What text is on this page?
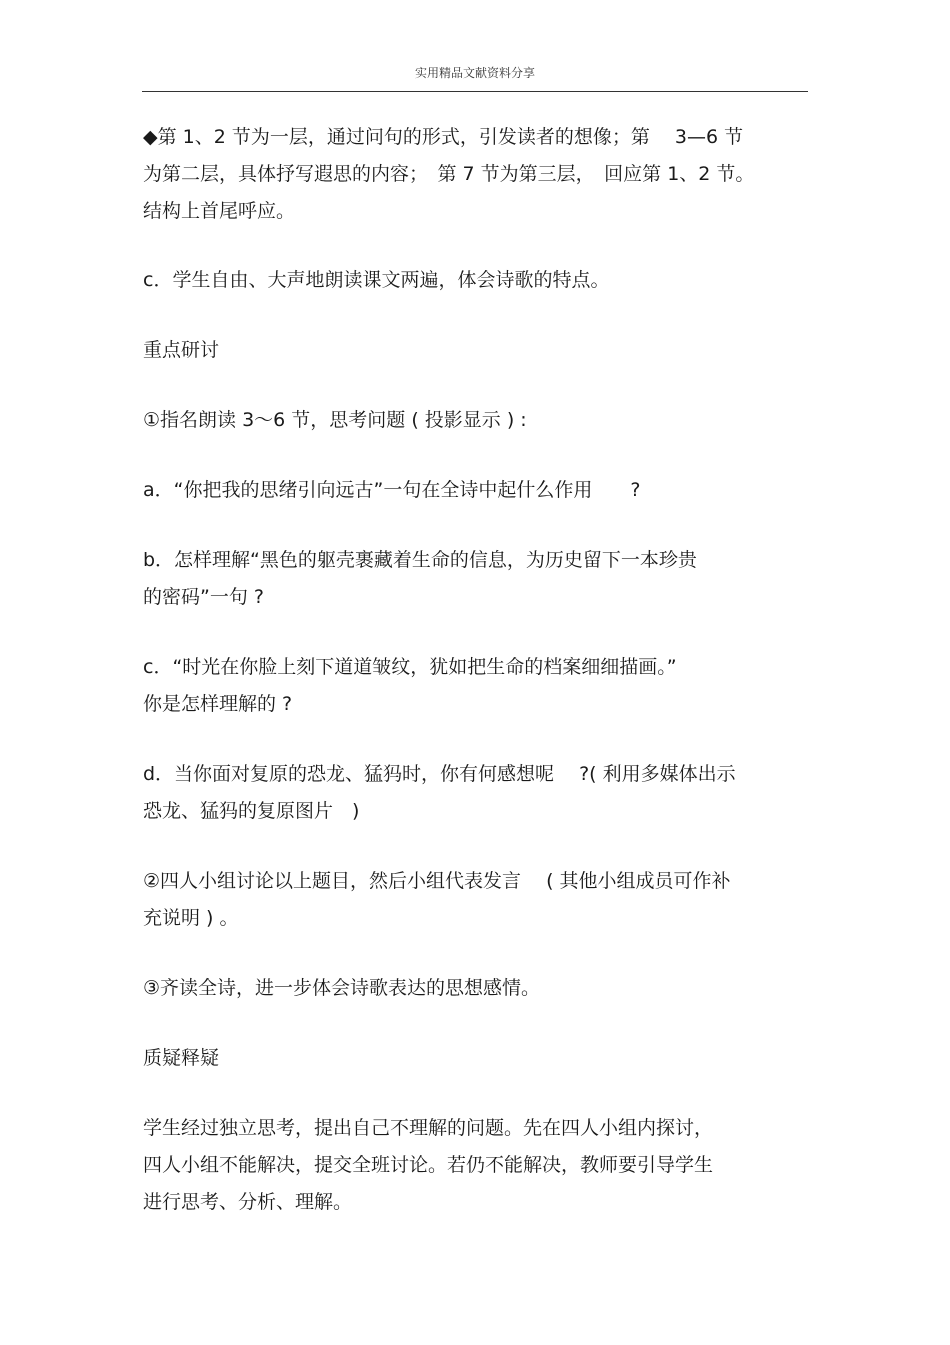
实用精品文献资料分享

◆第 1、2 节为一层，通过问句的形式，引发读者的想像；第　 3—6 节
为第二层，具体抒写遐思的内容；　第 7 节为第三层，　回应第 1、2 节。
结构上首尾呼应。

c．学生自由、大声地朗读课文两遍，体会诗歌的特点。

重点研讨

①指名朗读 3～6 节，思考问题 ( 投影显示 ) :

a．“你把我的思绪引向远古”一句在全诗中起什么作用　　?

b．怎样理解“黑色的躯壳裹藏着生命的信息，为历史留下一本珍贵
的密码”一句 ?

c．“时光在你脸上刻下道道皱纹，犹如把生命的档案细细描画。”
你是怎样理解的 ?

d．当你面对复原的恐龙、猛犸时，你有何感想呢　 ?( 利用多媒体出示
恐龙、猛犸的复原图片　)

②四人小组讨论以上题目，然后小组代表发言　 ( 其他小组成员可作补
充说明 ) 。

③齐读全诗，进一步体会诗歌表达的思想感情。

质疑释疑

学生经过独立思考，提出自己不理解的问题。先在四人小组内探讨，
四人小组不能解决，提交全班讨论。若仍不能解决，教师要引导学生
进行思考、分析、理解。
